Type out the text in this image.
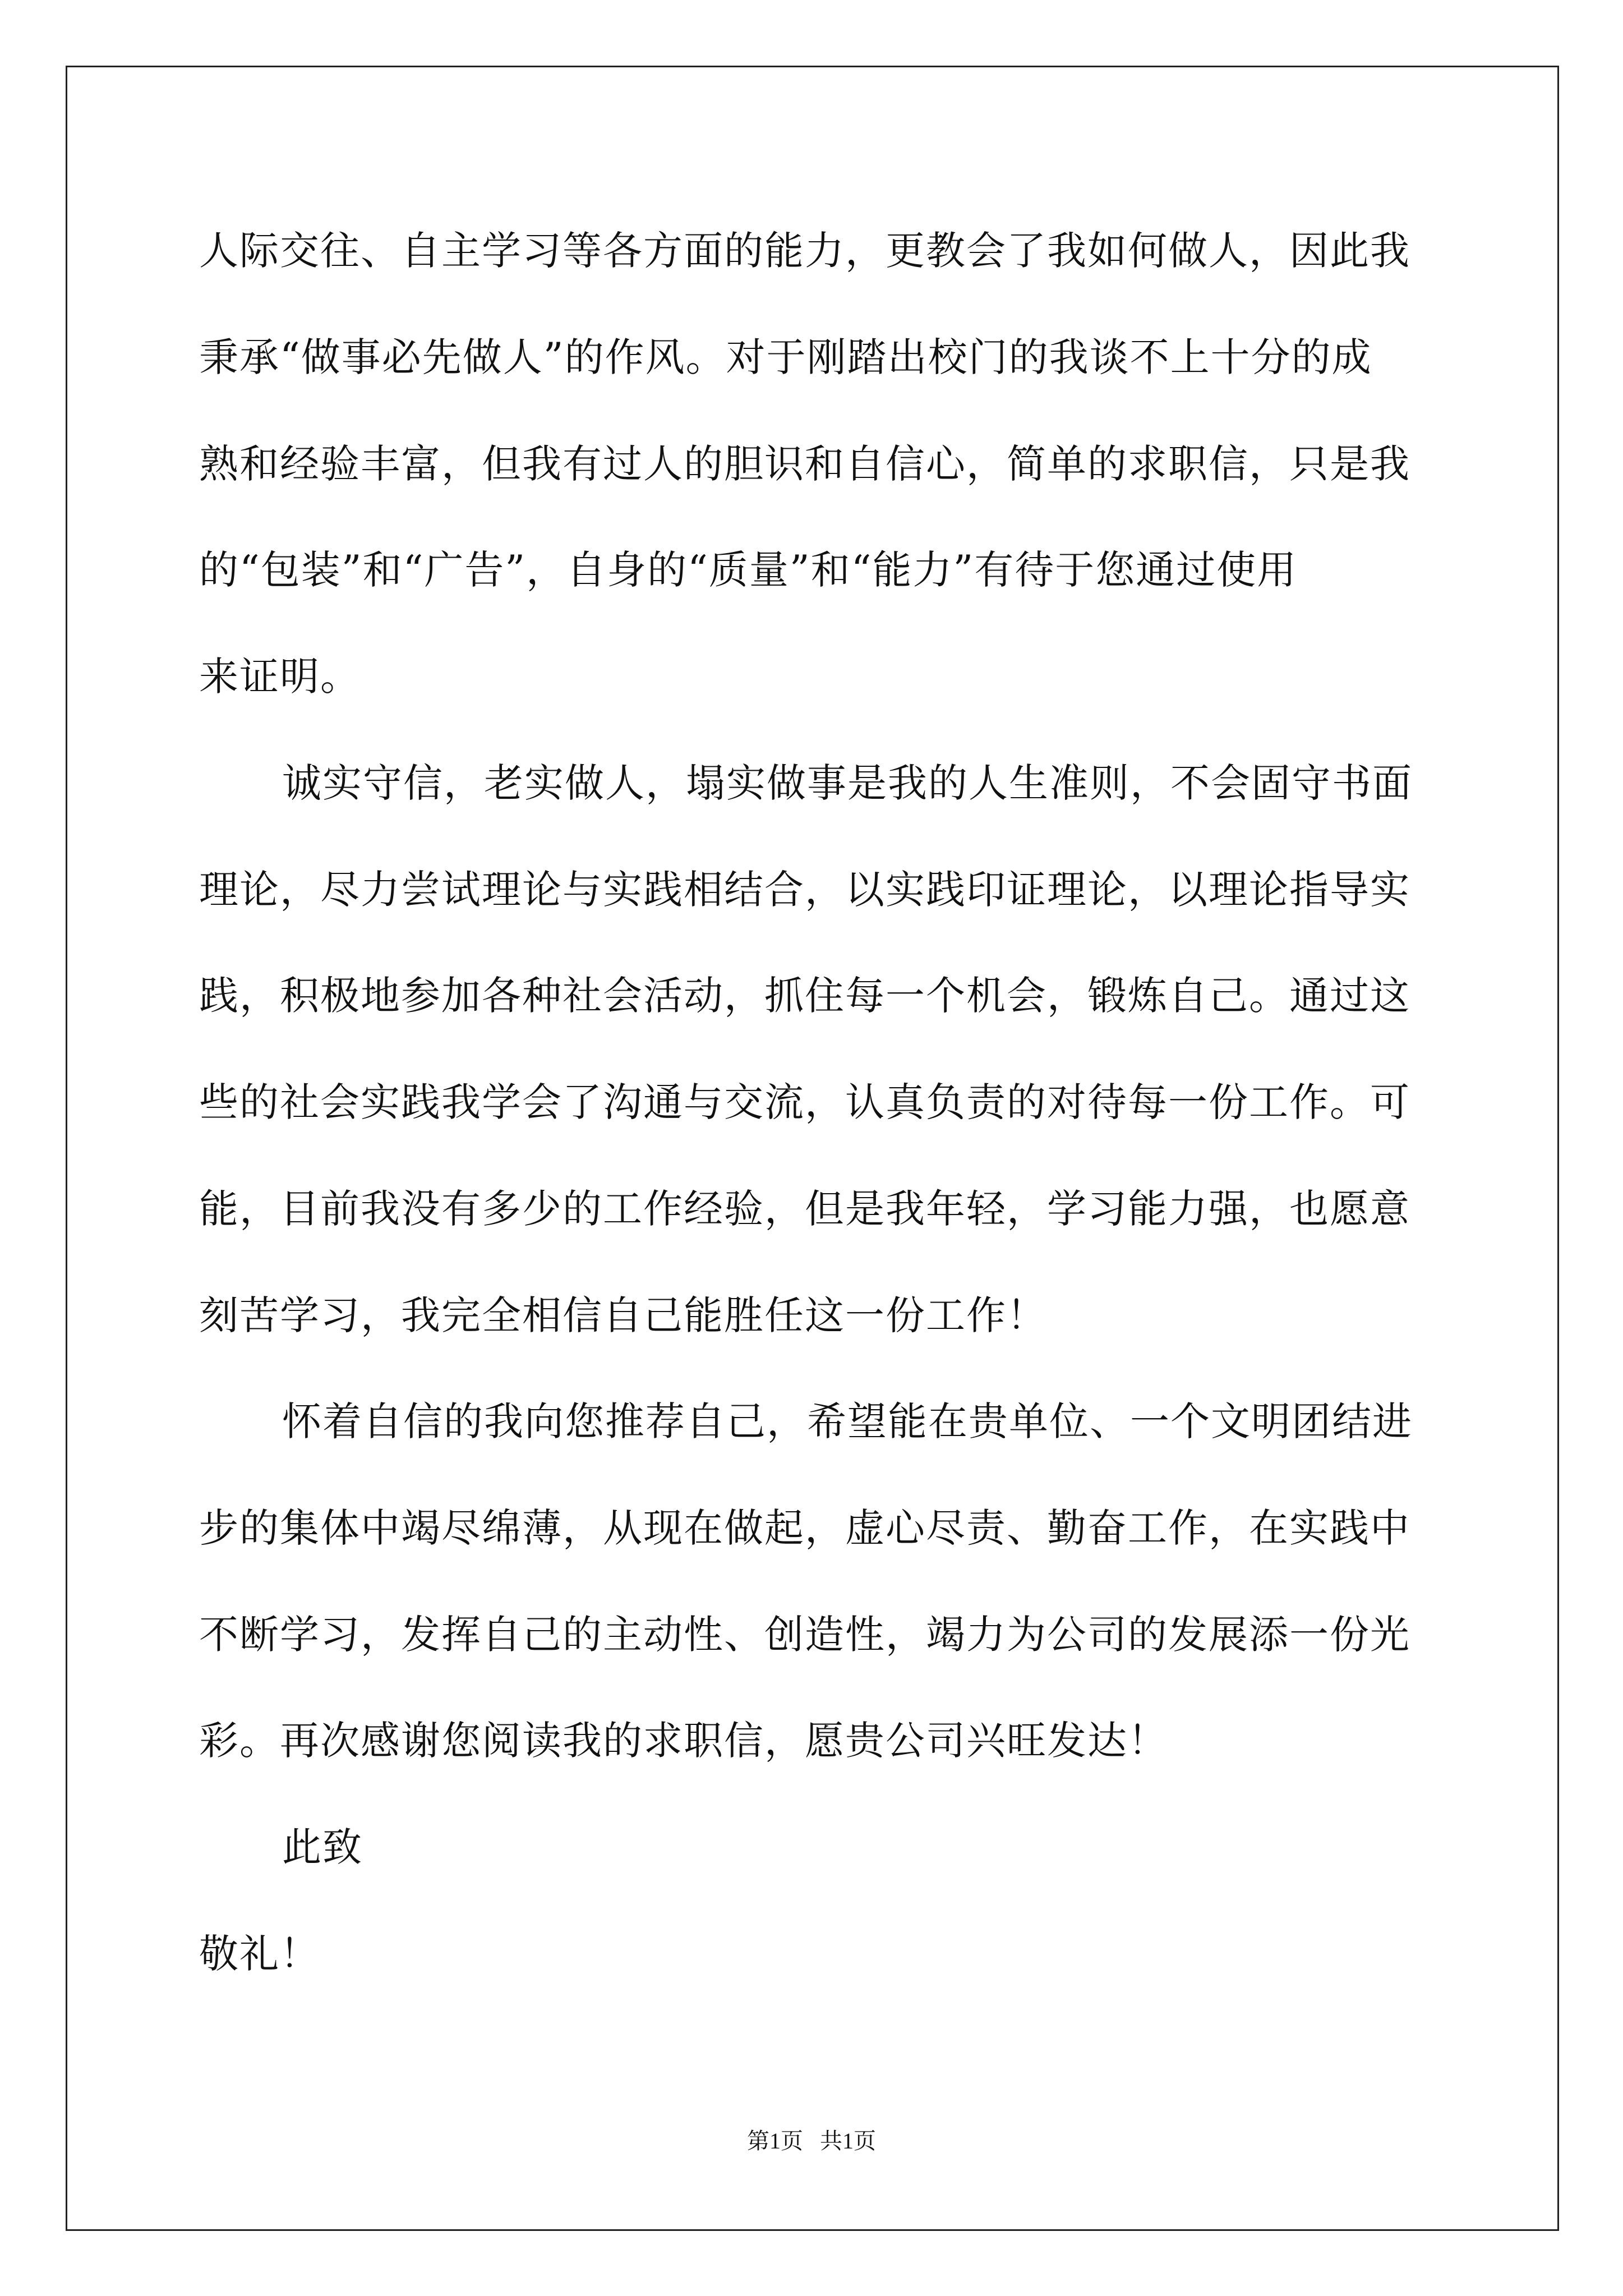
人际交往、自主学习等各方面的能力，更教会了我如何做人，因此我

秉承“做事必先做人”的作风。对于刚踏出校门的我谈不上十分的成

熟和经验丰富，但我有过人的胆识和自信心，简单的求职信，只是我

的“包装”和“广告”，自身的“质量”和“能力”有待于您通过使用

来证明。

诚实守信，老实做人，塌实做事是我的人生准则，不会固守书面

理论，尽力尝试理论与实践相结合，以实践印证理论，以理论指导实

践，积极地参加各种社会活动，抓住每一个机会，锻炼自己。通过这

些的社会实践我学会了沟通与交流，认真负责的对待每一份工作。可

能，目前我没有多少的工作经验，但是我年轻，学习能力强，也愿意

刻苦学习，我完全相信自己能胜任这一份工作！

怀着自信的我向您推荐自己，希望能在贵单位、一个文明团结进

步的集体中竭尽绵薄，从现在做起，虚心尽责、勤奋工作，在实践中

不断学习，发挥自己的主动性、创造性，竭力为公司的发展添一份光

彩。再次感谢您阅读我的求职信，愿贵公司兴旺发达！

此致

敬礼！

第1页   共1页
